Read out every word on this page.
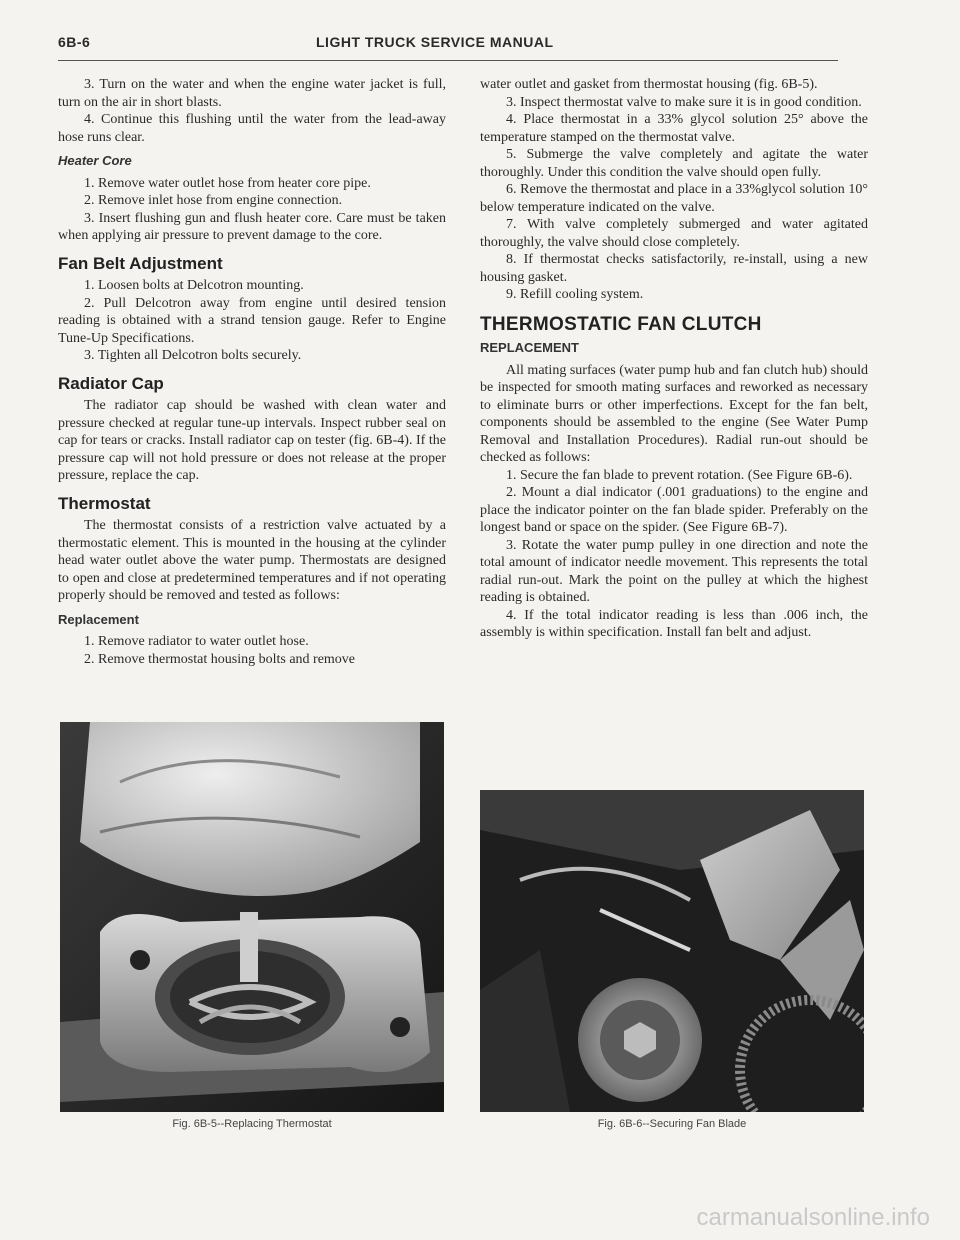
6B-6	LIGHT TRUCK SERVICE MANUAL

3. Turn on the water and when the engine water jacket is full, turn on the air in short blasts.

4. Continue this flushing until the water from the lead-away hose runs clear.

Heater Core

1. Remove water outlet hose from heater core pipe.

2. Remove inlet hose from engine connection.

3. Insert flushing gun and flush heater core. Care must be taken when applying air pressure to prevent damage to the core.

Fan Belt Adjustment

1. Loosen bolts at Delcotron mounting.

2. Pull Delcotron away from engine until desired tension reading is obtained with a strand tension gauge. Refer to Engine Tune-Up Specifications.

3. Tighten all Delcotron bolts securely.

Radiator Cap

The radiator cap should be washed with clean water and pressure checked at regular tune-up intervals. Inspect rubber seal on cap for tears or cracks. Install radiator cap on tester (fig. 6B-4). If the pressure cap will not hold pressure or does not release at the proper pressure, replace the cap.

Thermostat

The thermostat consists of a restriction valve actuated by a thermostatic element. This is mounted in the housing at the cylinder head water outlet above the water pump. Thermostats are designed to open and close at predetermined temperatures and if not operating properly should be removed and tested as follows:

Replacement

1. Remove radiator to water outlet hose.

2. Remove thermostat housing bolts and remove

Fig. 6B-5--Replacing Thermostat

water outlet and gasket from thermostat housing (fig. 6B-5).

3. Inspect thermostat valve to make sure it is in good condition.

4. Place thermostat in a 33% glycol solution 25° above the temperature stamped on the thermostat valve.

5. Submerge the valve completely and agitate the water thoroughly. Under this condition the valve should open fully.

6. Remove the thermostat and place in a 33%glycol solution 10° below temperature indicated on the valve.

7. With valve completely submerged and water agitated thoroughly, the valve should close completely.

8. If thermostat checks satisfactorily, re-install, using a new housing gasket.

9. Refill cooling system.

THERMOSTATIC FAN CLUTCH
REPLACEMENT

All mating surfaces (water pump hub and fan clutch hub) should be inspected for smooth mating surfaces and reworked as necessary to eliminate burrs or other imperfections. Except for the fan belt, components should be assembled to the engine (See Water Pump Removal and Installation Procedures). Radial run-out should be checked as follows:

1. Secure the fan blade to prevent rotation. (See Figure 6B-6).

2. Mount a dial indicator (.001 graduations) to the engine and place the indicator pointer on the fan blade spider. Preferably on the longest band or space on the spider. (See Figure 6B-7).

3. Rotate the water pump pulley in one direction and note the total amount of indicator needle movement. This represents the total radial run-out. Mark the point on the pulley at which the highest reading is obtained.

4. If the total indicator reading is less than .006 inch, the assembly is within specification. Install fan belt and adjust.

Fig. 6B-6--Securing Fan Blade
carmanualsonline.info
